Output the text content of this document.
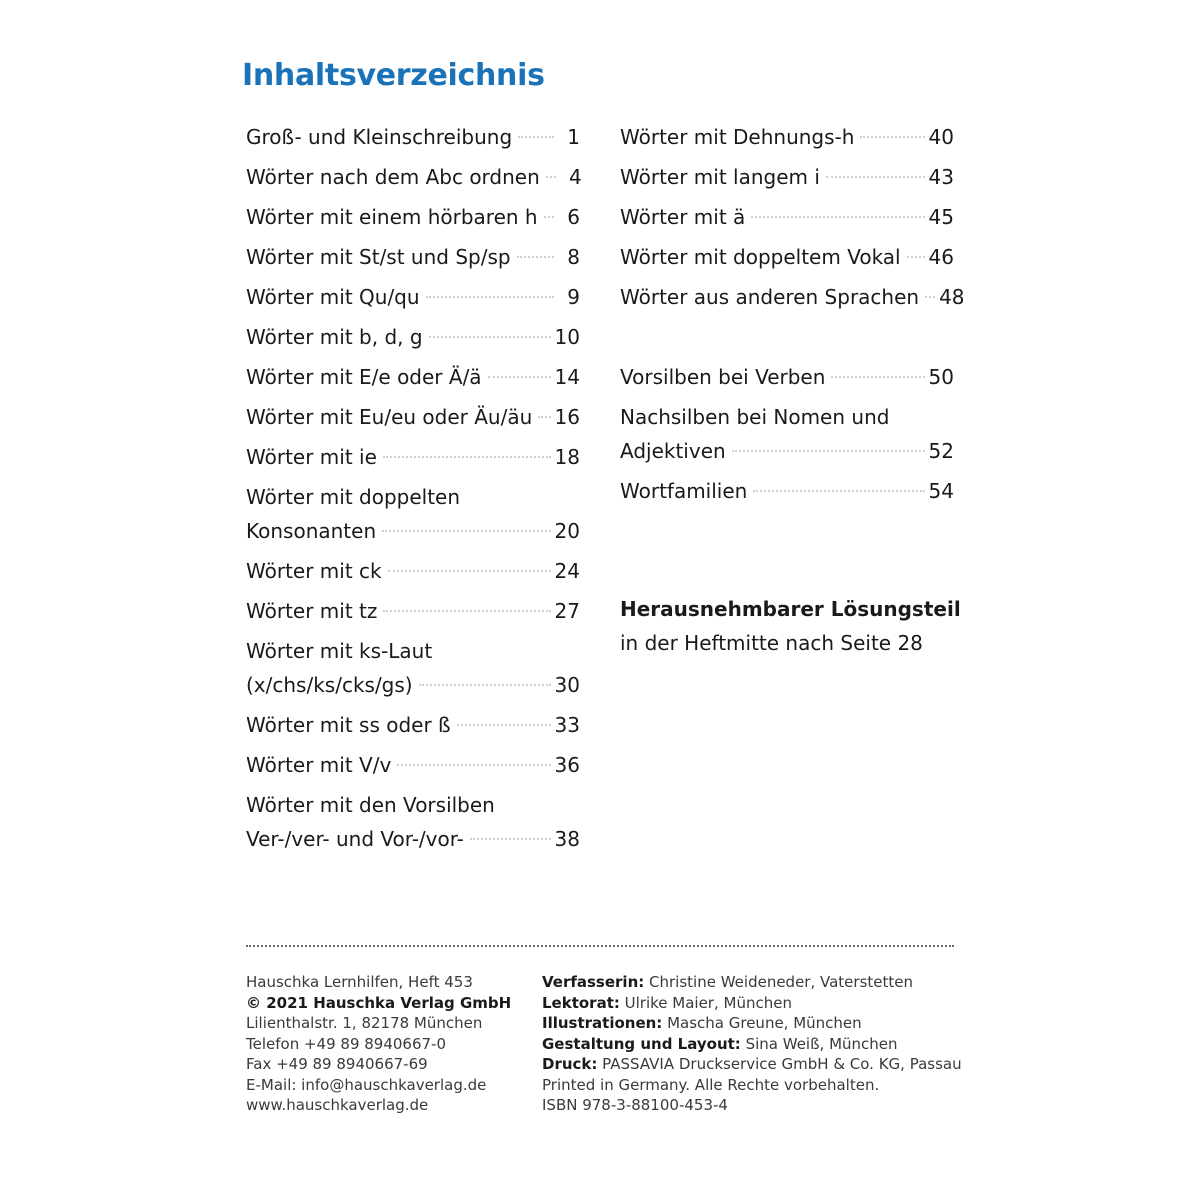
Inhaltsverzeichnis
Groß- und Kleinschreibung	1
Wörter nach dem Abc ordnen	4
Wörter mit einem hörbaren h	6
Wörter mit St/st und Sp/sp	8
Wörter mit Qu/qu	9
Wörter mit b, d, g	10
Wörter mit E/e oder Ä/ä	14
Wörter mit Eu/eu oder Äu/äu 16
Wörter mit ie	18
Wörter mit doppelten
Konsonanten	20
Wörter mit ck	24
Wörter mit tz	27
Wörter mit ks-Laut
(x/chs/ks/cks/gs)	30
Wörter mit ss oder ß	33
Wörter mit V/v	36
Wörter mit den Vorsilben
Ver-/ver- und Vor-/vor-	38
Wörter mit Dehnungs-h	40
Wörter mit langem i	43
Wörter mit ä	45
Wörter mit doppeltem Vokal 46
Wörter aus anderen Sprachen 48
Vorsilben bei Verben	50
Nachsilben bei Nomen und
Adjektiven	52
Wortfamilien	54
Herausnehmbarer Lösungsteil
in der Heftmitte nach Seite 28
Hauschka Lernhilfen, Heft 453
© 2021 Hauschka Verlag GmbH
Lilienthalstr. 1, 82178 München
Telefon +49 89 8940667-0
Fax +49 89 8940667-69
E-Mail: info@hauschkaverlag.de
www.hauschkaverlag.de
Verfasserin: Christine Weideneder, Vaterstetten
Lektorat: Ulrike Maier, München
Illustrationen: Mascha Greune, München
Gestaltung und Layout: Sina Weiß, München
Druck: PASSAVIA Druckservice GmbH & Co. KG, Passau
Printed in Germany. Alle Rechte vorbehalten.
ISBN 978-3-88100-453-4
